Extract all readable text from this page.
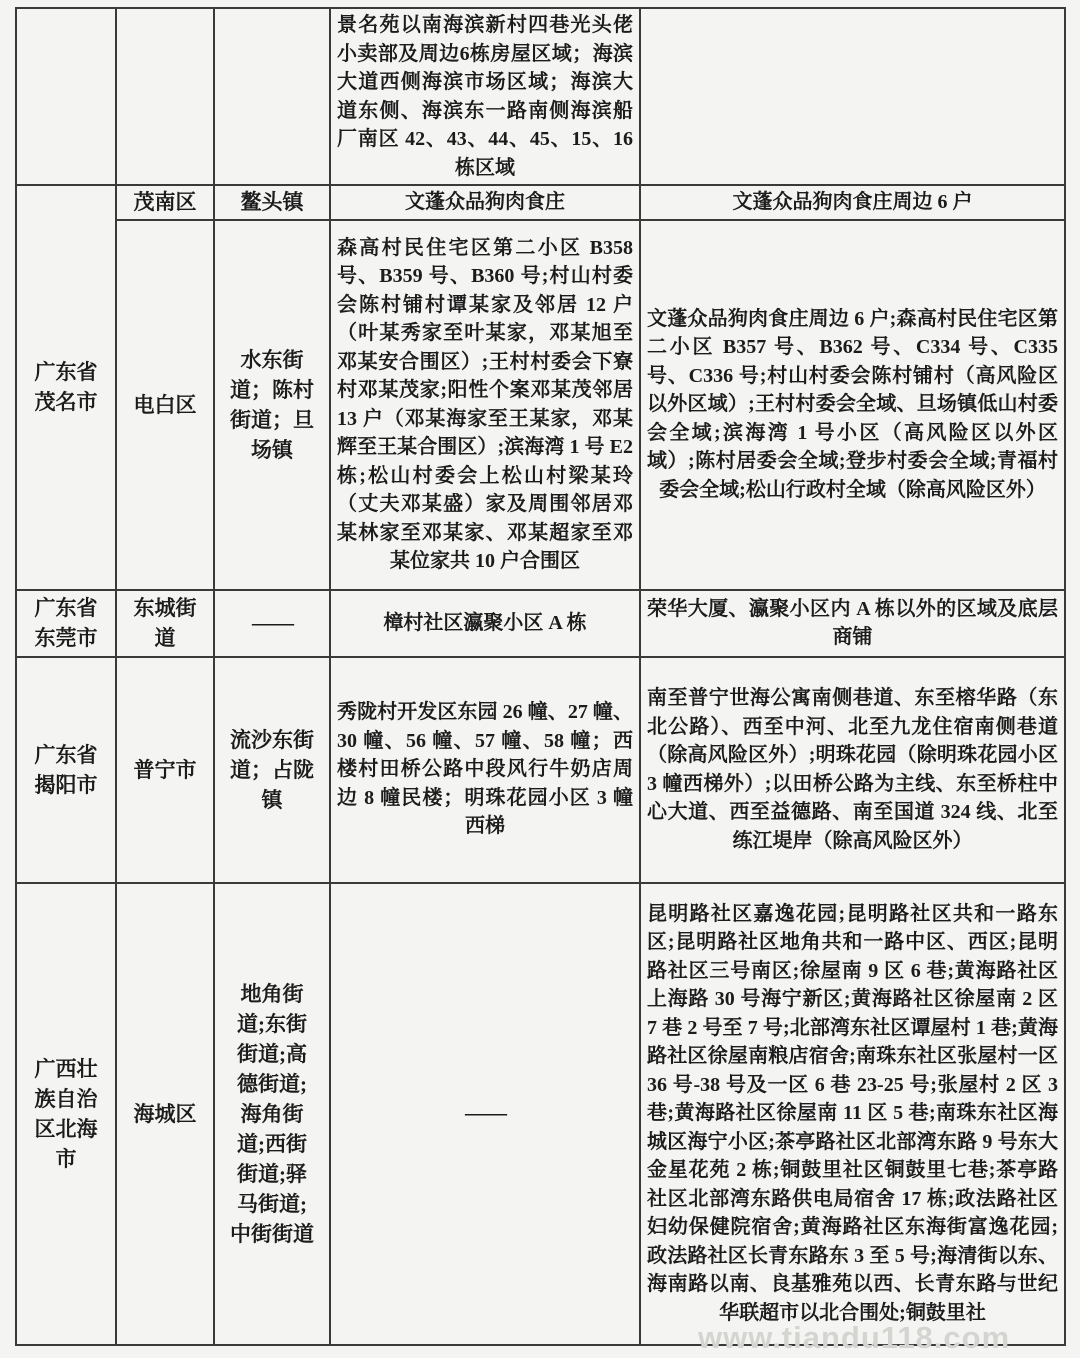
			景名苑以南海滨新村四巷光头佬小卖部及周边6栋房屋区域；海滨大道西侧海滨市场区域；海滨大道东侧、海滨东一路南侧海滨船厂南区 42、43、44、45、15、16 栋区域	
广东省茂名市	茂南区	鳌头镇	文蓬众品狗肉食庄	文蓬众品狗肉食庄周边 6 户
	电白区	水东街道；陈村街道；旦场镇	森高村民住宅区第二小区 B358 号、B359 号、B360 号;村山村委会陈村铺村谭某家及邻居 12 户（叶某秀家至叶某家，邓某旭至邓某安合围区）;王村村委会下寮村邓某茂家;阳性个案邓某茂邻居 13 户（邓某海家至王某家，邓某辉至王某合围区）;滨海湾 1 号 E2 栋;松山村委会上松山村梁某玲（丈夫邓某盛）家及周围邻居邓某林家至邓某家、邓某超家至邓某位家共 10 户合围区	文蓬众品狗肉食庄周边 6 户;森高村民住宅区第二小区 B357 号、B362 号、C334 号、C335 号、C336 号;村山村委会陈村铺村（高风险区以外区域）;王村村委会全域、旦场镇低山村委会全域;滨海湾 1 号小区（高风险区以外区域）;陈村居委会全域;登步村委会全域;青福村委会全域;松山行政村全域（除高风险区外）
广东省东莞市	东城街道	——	樟村社区瀛聚小区 A 栋	荣华大厦、瀛聚小区内 A 栋以外的区域及底层商铺
广东省揭阳市	普宁市	流沙东街道；占陇镇	秀陇村开发区东园 26 幢、27 幢、30 幢、56 幢、57 幢、58 幢；西楼村田桥公路中段风行牛奶店周边 8 幢民楼；明珠花园小区 3 幢西梯	南至普宁世海公寓南侧巷道、东至榕华路（东北公路）、西至中河、北至九龙住宿南侧巷道（除高风险区外）;明珠花园（除明珠花园小区 3 幢西梯外）;以田桥公路为主线、东至桥柱中心大道、西至益德路、南至国道 324 线、北至练江堤岸（除高风险区外）
广西壮族自治区北海市	海城区	地角街道;东街街道;高德街道;海角街道;西街街道;驿马街道;中街街道	——	昆明路社区嘉逸花园;昆明路社区共和一路东区;昆明路社区地角共和一路中区、西区;昆明路社区三号南区;徐屋南 9 区 6 巷;黄海路社区上海路 30 号海宁新区;黄海路社区徐屋南 2 区 7 巷 2 号至 7 号;北部湾东社区谭屋村 1 巷;黄海路社区徐屋南粮店宿舍;南珠东社区张屋村一区 36 号-38 号及一区 6 巷 23-25 号;张屋村 2 区 3 巷;黄海路社区徐屋南 11 区 5 巷;南珠东社区海城区海宁小区;茶亭路社区北部湾东路 9 号东大金星花苑 2 栋;铜鼓里社区铜鼓里七巷;茶亭路社区北部湾东路供电局宿舍 17 栋;政法路社区妇幼保健院宿舍;黄海路社区东海街富逸花园;政法路社区长青东路东 3 至 5 号;海清街以东、海南路以南、良基雅苑以西、长青东路与世纪华联超市以北合围处;铜鼓里社
www.tiandu118.com
